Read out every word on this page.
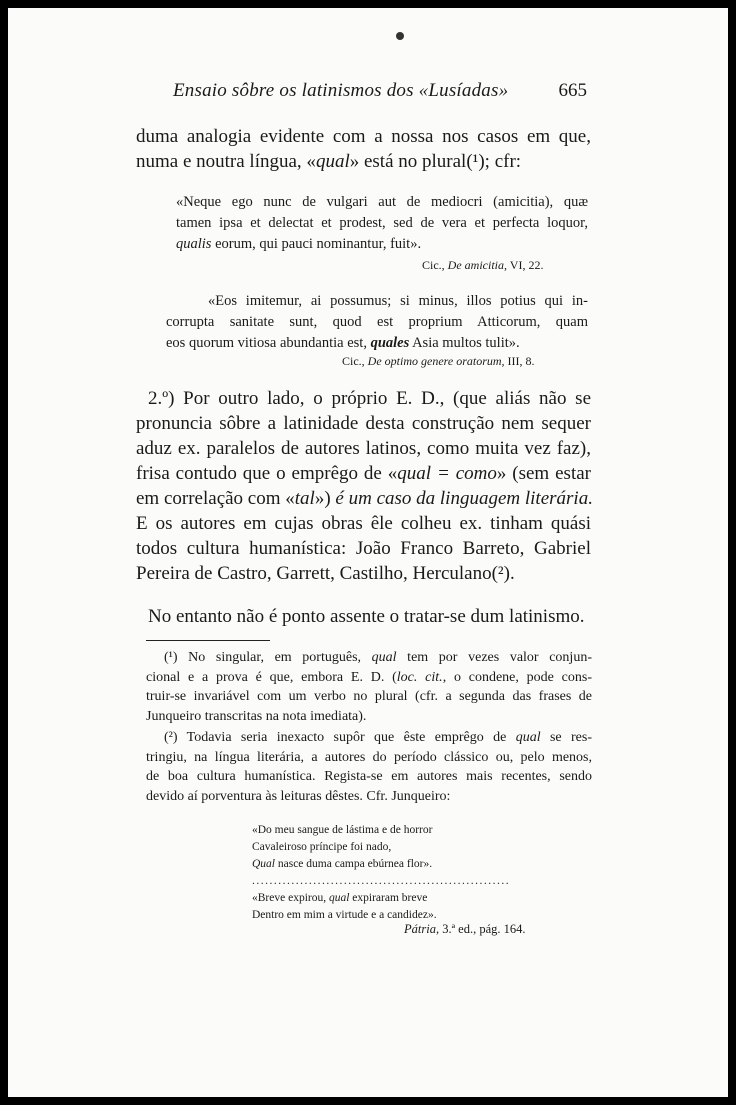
Ensaio sôbre os latinismos dos «Lusíadas»	665
duma analogia evidente com a nossa nos casos em que,
numa e noutra língua, «qual» está no plural(¹); cfr:
«Neque ego nunc de vulgari aut de mediocri (amicitia), quæ
tamen ipsa et delectat et prodest, sed de vera et perfecta loquor,
qualis eorum, qui pauci nominantur, fuit».
Cic., De amicitia, VI, 22.
«Eos imitemur, ai possumus; si minus, illos potius qui in-
corrupta sanitate sunt, quod est proprium Atticorum, quam
eos quorum vitiosa abundantia est, quales Asia multos tulit».
Cic., De optimo genere oratorum, III, 8.
2.º) Por outro lado, o próprio E. D., (que aliás não se
pronuncia sôbre a latinidade desta construção nem sequer
aduz ex. paralelos de autores latinos, como muita vez faz),
frisa contudo que o emprêgo de «qual = como» (sem estar
em correlação com «tal») é um caso da linguagem literária.
E os autores em cujas obras êle colheu ex. tinham quási
todos cultura humanística: João Franco Barreto, Gabriel
Pereira de Castro, Garrett, Castilho, Herculano(²).
No entanto não é ponto assente o tratar-se dum latinismo.
(¹) No singular, em português, qual tem por vezes valor conjun-
cional e a prova é que, embora E. D. (loc. cit., o condene, pode cons-
truir-se invariável com um verbo no plural (cfr. a segunda das frases de
Junqueiro transcritas na nota imediata).
(²) Todavia seria inexacto supôr que êste emprêgo de qual se res-
tringiu, na língua literária, a autores do período clássico ou, pelo menos,
de boa cultura humanística. Regista-se em autores mais recentes, sendo
devido aí porventura às leituras dêstes. Cfr. Junqueiro:
«Do meu sangue de lástima e de horror
Cavaleiroso príncipe foi nado,
Qual nasce duma campa ebúrnea flor».
...........................................................
«Breve expirou, qual expiraram breve
Dentro em mim a virtude e a candidez».
Pátria, 3.ª ed., pág. 164.
